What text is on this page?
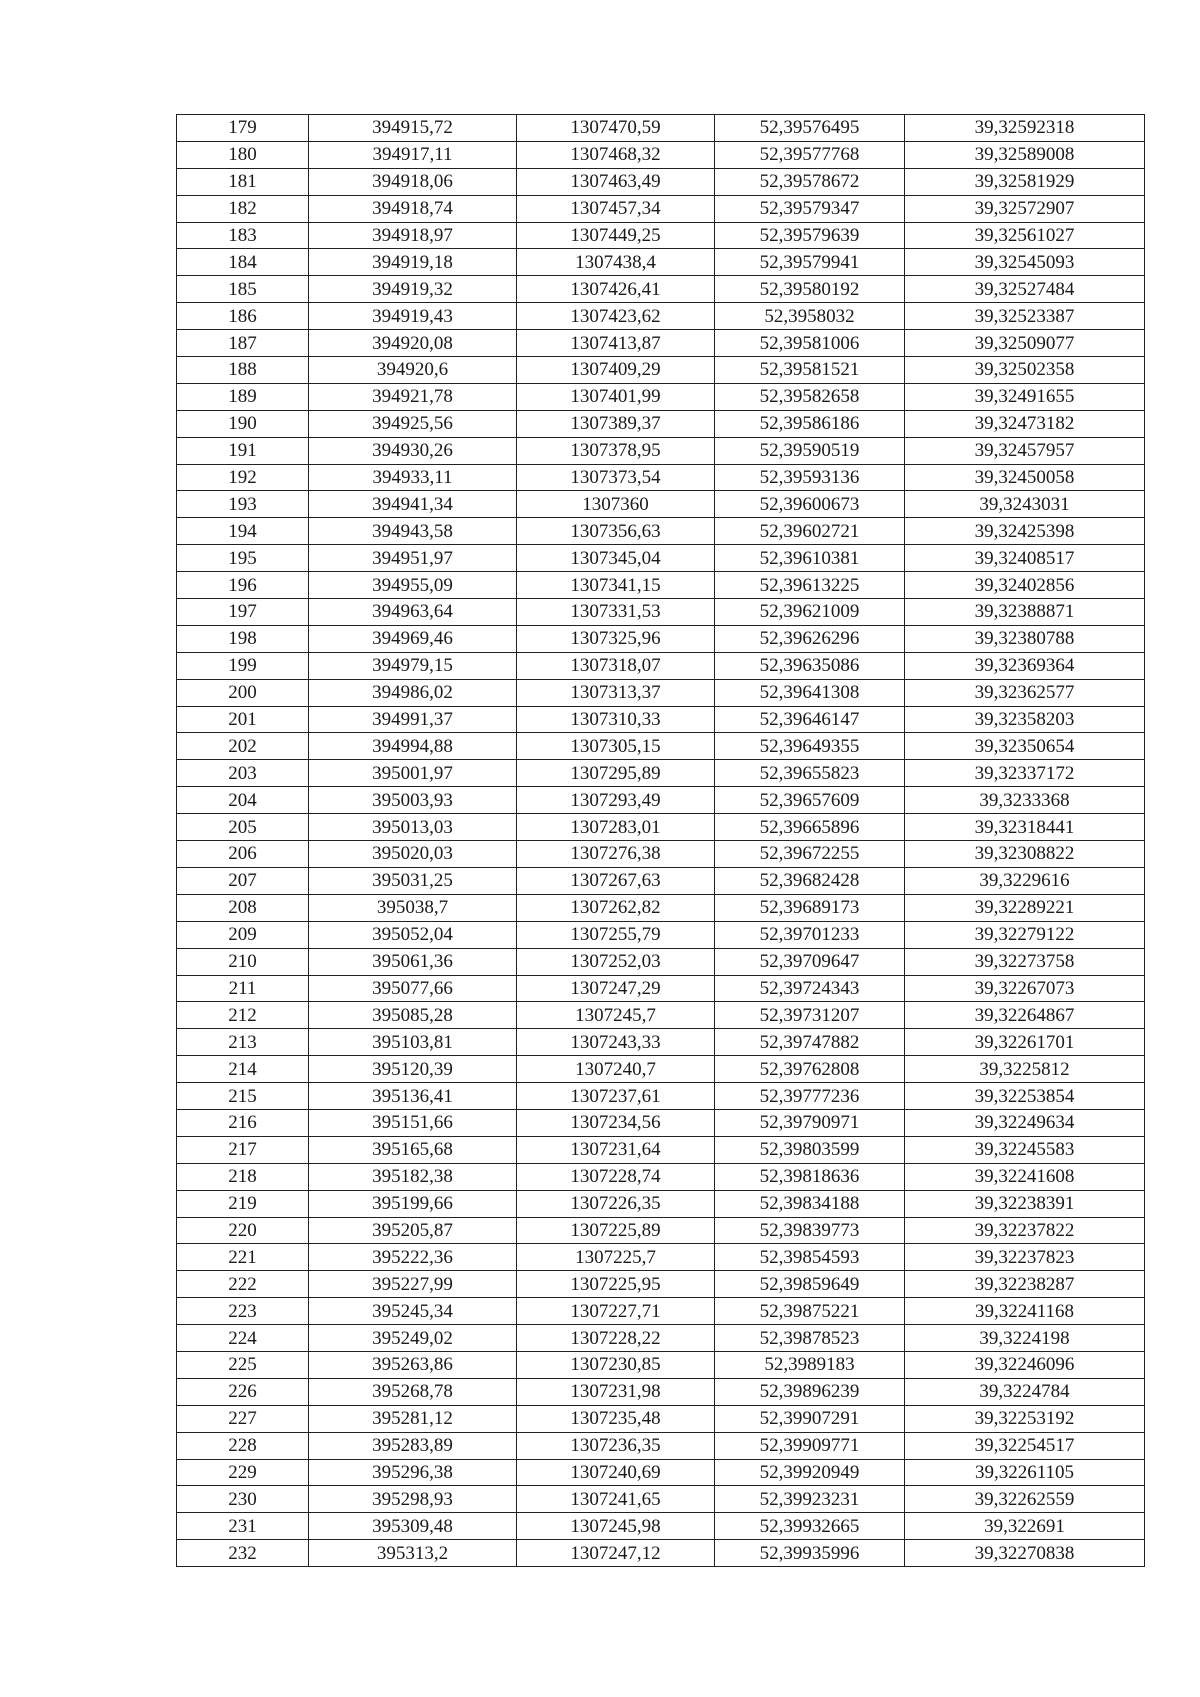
179	394915,72	1307470,59	52,39576495	39,32592318
180	394917,11	1307468,32	52,39577768	39,32589008
181	394918,06	1307463,49	52,39578672	39,32581929
182	394918,74	1307457,34	52,39579347	39,32572907
183	394918,97	1307449,25	52,39579639	39,32561027
184	394919,18	1307438,4	52,39579941	39,32545093
185	394919,32	1307426,41	52,39580192	39,32527484
186	394919,43	1307423,62	52,3958032	39,32523387
187	394920,08	1307413,87	52,39581006	39,32509077
188	394920,6	1307409,29	52,39581521	39,32502358
189	394921,78	1307401,99	52,39582658	39,32491655
190	394925,56	1307389,37	52,39586186	39,32473182
191	394930,26	1307378,95	52,39590519	39,32457957
192	394933,11	1307373,54	52,39593136	39,32450058
193	394941,34	1307360	52,39600673	39,3243031
194	394943,58	1307356,63	52,39602721	39,32425398
195	394951,97	1307345,04	52,39610381	39,32408517
196	394955,09	1307341,15	52,39613225	39,32402856
197	394963,64	1307331,53	52,39621009	39,32388871
198	394969,46	1307325,96	52,39626296	39,32380788
199	394979,15	1307318,07	52,39635086	39,32369364
200	394986,02	1307313,37	52,39641308	39,32362577
201	394991,37	1307310,33	52,39646147	39,32358203
202	394994,88	1307305,15	52,39649355	39,32350654
203	395001,97	1307295,89	52,39655823	39,32337172
204	395003,93	1307293,49	52,39657609	39,3233368
205	395013,03	1307283,01	52,39665896	39,32318441
206	395020,03	1307276,38	52,39672255	39,32308822
207	395031,25	1307267,63	52,39682428	39,3229616
208	395038,7	1307262,82	52,39689173	39,32289221
209	395052,04	1307255,79	52,39701233	39,32279122
210	395061,36	1307252,03	52,39709647	39,32273758
211	395077,66	1307247,29	52,39724343	39,32267073
212	395085,28	1307245,7	52,39731207	39,32264867
213	395103,81	1307243,33	52,39747882	39,32261701
214	395120,39	1307240,7	52,39762808	39,3225812
215	395136,41	1307237,61	52,39777236	39,32253854
216	395151,66	1307234,56	52,39790971	39,32249634
217	395165,68	1307231,64	52,39803599	39,32245583
218	395182,38	1307228,74	52,39818636	39,32241608
219	395199,66	1307226,35	52,39834188	39,32238391
220	395205,87	1307225,89	52,39839773	39,32237822
221	395222,36	1307225,7	52,39854593	39,32237823
222	395227,99	1307225,95	52,39859649	39,32238287
223	395245,34	1307227,71	52,39875221	39,32241168
224	395249,02	1307228,22	52,39878523	39,3224198
225	395263,86	1307230,85	52,3989183	39,32246096
226	395268,78	1307231,98	52,39896239	39,3224784
227	395281,12	1307235,48	52,39907291	39,32253192
228	395283,89	1307236,35	52,39909771	39,32254517
229	395296,38	1307240,69	52,39920949	39,32261105
230	395298,93	1307241,65	52,39923231	39,32262559
231	395309,48	1307245,98	52,39932665	39,322691
232	395313,2	1307247,12	52,39935996	39,32270838
